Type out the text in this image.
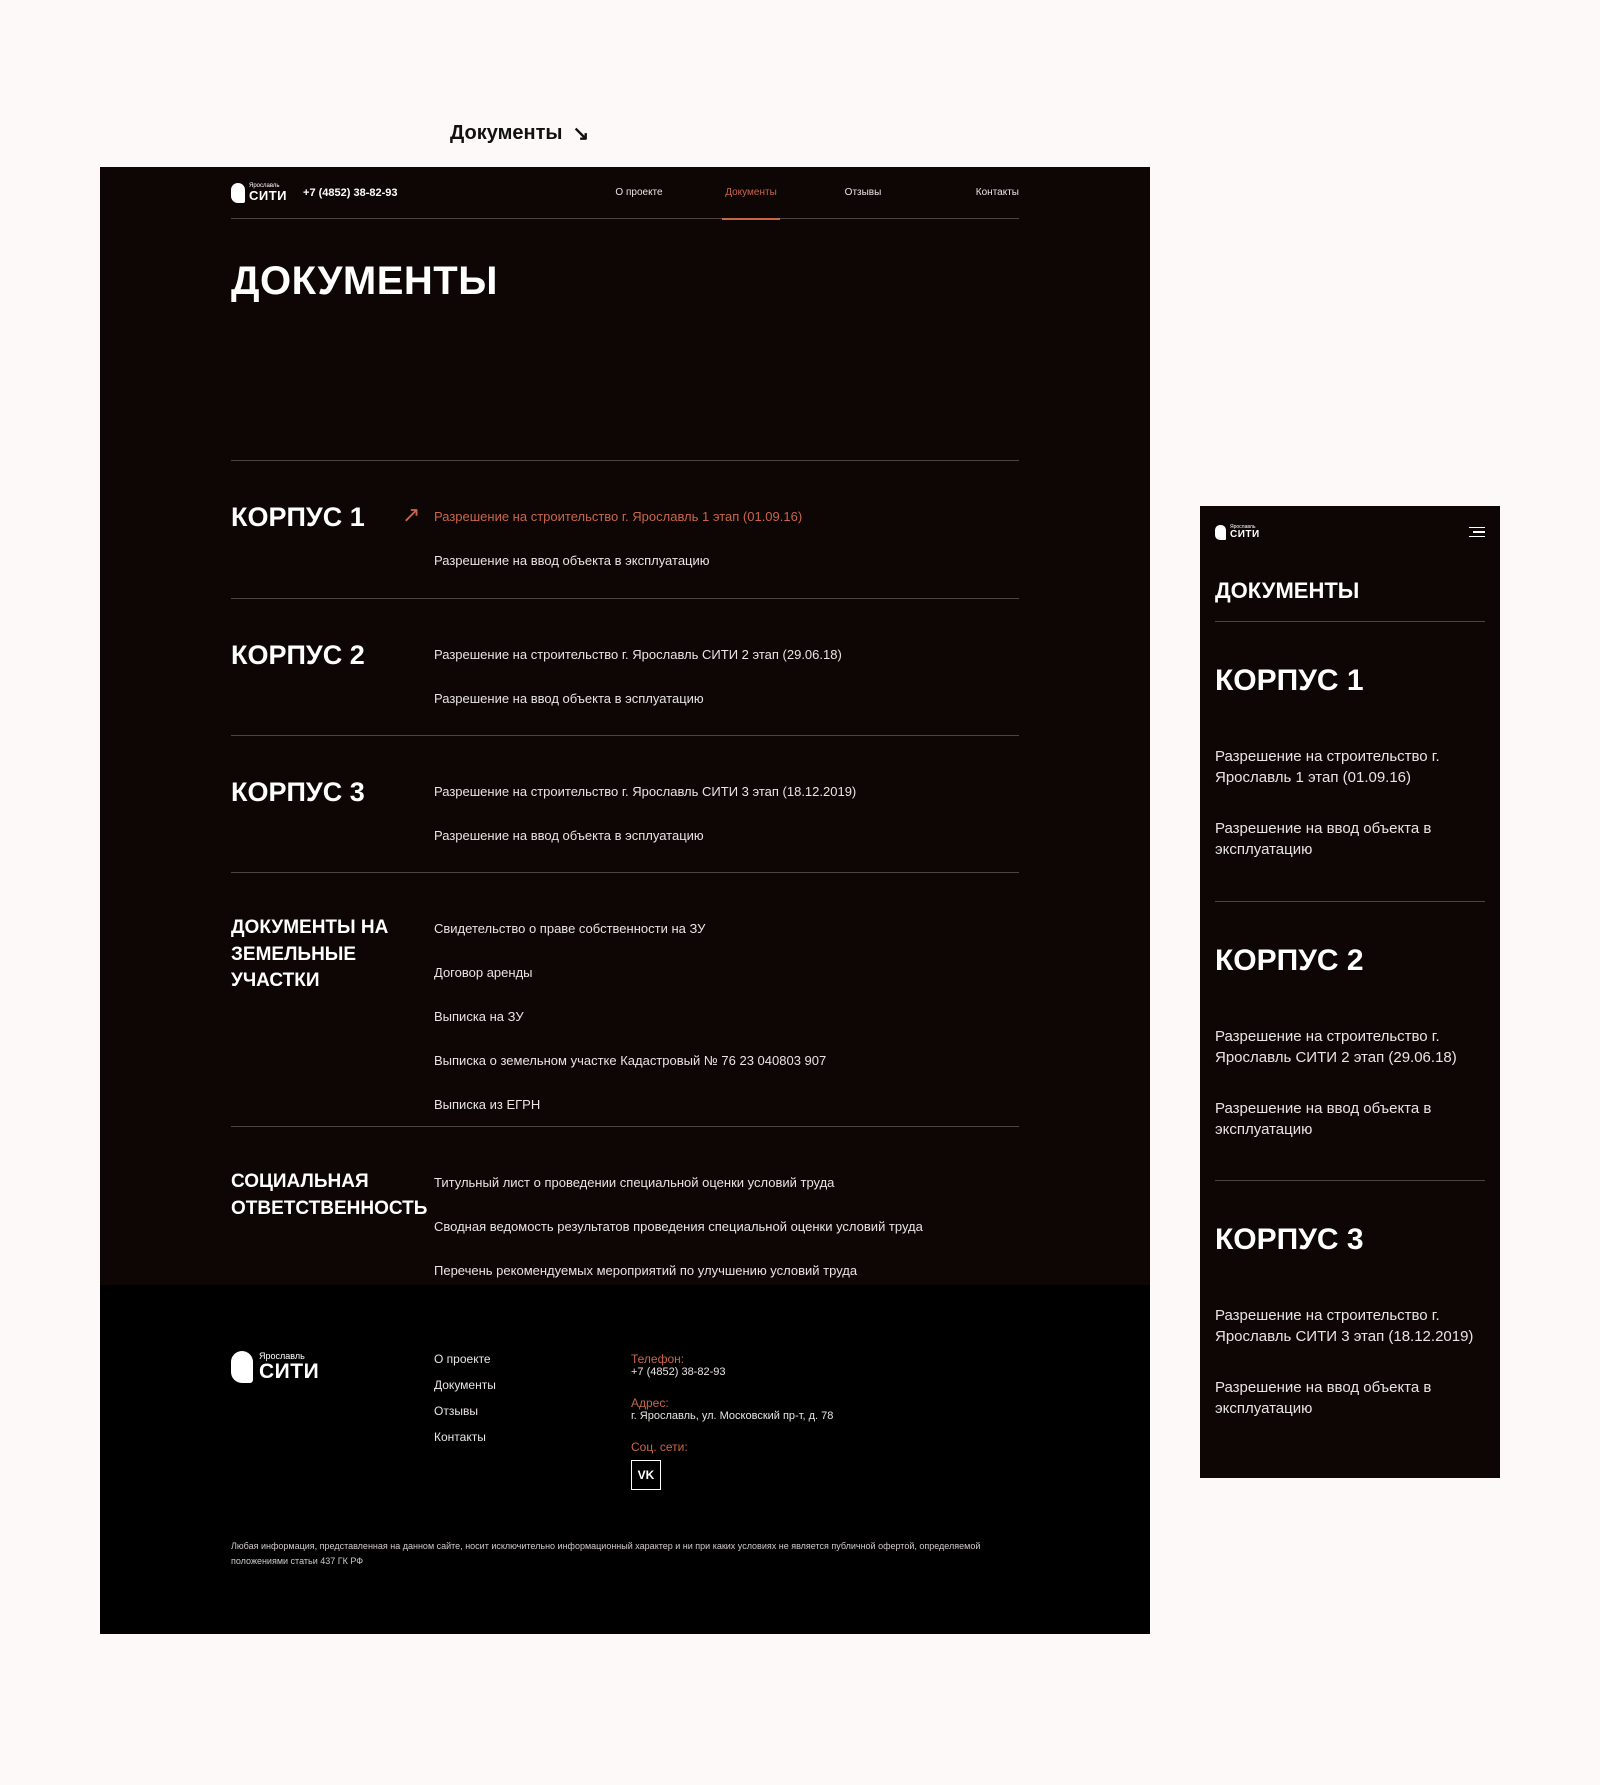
Документы ↘
Ярославль
СИТИ +7 (4852) 38-82-93	О проекте	Документы	Отзывы	Контакты
ДОКУМЕНТЫ
КОРПУС 1	↗	Разрешение на строительство г. Ярославль 1 этап (01.09.16)
Разрешение на ввод объекта в эксплуатацию
КОРПУС 2	Разрешение на строительство г. Ярославль СИТИ 2 этап (29.06.18)
Разрешение на ввод объекта в эсплуатацию
КОРПУС 3	Разрешение на строительство г. Ярославль СИТИ 3 этап (18.12.2019)
Разрешение на ввод объекта в эсплуатацию
ДОКУМЕНТЫ НА ЗЕМЕЛЬНЫЕ УЧАСТКИ
Свидетельство о праве собственности на ЗУ
Договор аренды
Выписка на ЗУ
Выписка о земельном участке Кадастровый № 76 23 040803 907
Выписка из ЕГРН
СОЦИАЛЬНАЯ ОТВЕТСТВЕННОСТЬ
Титульный лист о проведении специальной оценки условий труда
Сводная ведомость результатов проведения специальной оценки условий труда
Перечень рекомендуемых мероприятий по улучшению условий труда
Ярославль
СИТИ
О проекте
Документы
Отзывы
Контакты
Телефон:
+7 (4852) 38-82-93
Адрес:
г. Ярославль, ул. Московский пр-т, д. 78
Соц. сети:
VK

Любая информация, представленная на данном сайте, носит исключительно информационный характер и ни при каких условиях не является публичной офертой, определяемой положениями статьи 437 ГК РФ

Ярославль
СИТИ
ДОКУМЕНТЫ
КОРПУС 1
Разрешение на строительство г. Ярославль 1 этап (01.09.16)
Разрешение на ввод объекта в эксплуатацию
КОРПУС 2
Разрешение на строительство г. Ярославль СИТИ 2 этап (29.06.18)
Разрешение на ввод объекта в эксплуатацию
КОРПУС 3
Разрешение на строительство г. Ярославль СИТИ 3 этап (18.12.2019)
Разрешение на ввод объекта в эксплуатацию
